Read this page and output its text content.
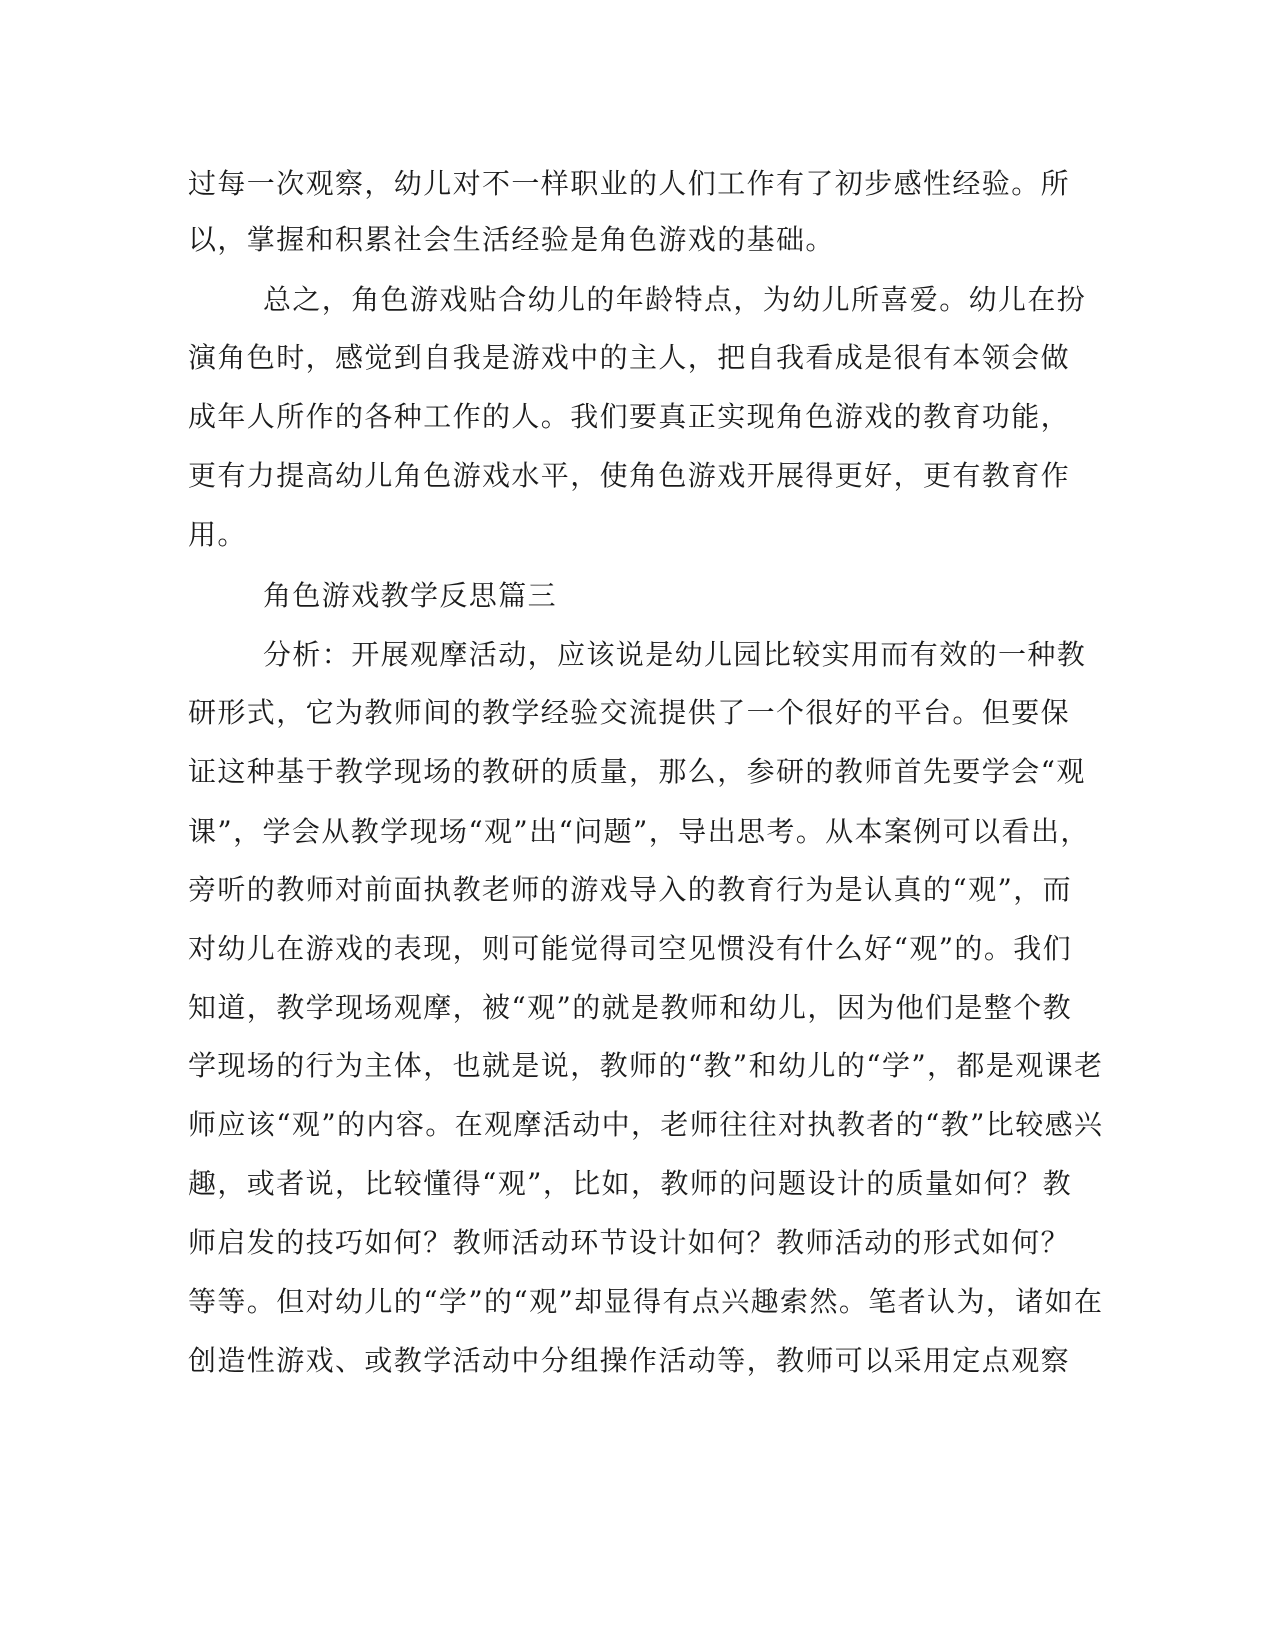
过每一次观察，幼儿对不一样职业的人们工作有了初步感性经验。所

以，掌握和积累社会生活经验是角色游戏的基础。

总之，角色游戏贴合幼儿的年龄特点，为幼儿所喜爱。幼儿在扮

演角色时，感觉到自我是游戏中的主人，把自我看成是很有本领会做

成年人所作的各种工作的人。我们要真正实现角色游戏的教育功能，

更有力提高幼儿角色游戏水平，使角色游戏开展得更好，更有教育作

用。

角色游戏教学反思篇三

分析：开展观摩活动，应该说是幼儿园比较实用而有效的一种教

研形式，它为教师间的教学经验交流提供了一个很好的平台。但要保

证这种基于教学现场的教研的质量，那么，参研的教师首先要学会“观

课”，学会从教学现场“观”出“问题”，导出思考。从本案例可以看出，

旁听的教师对前面执教老师的游戏导入的教育行为是认真的“观”，而

对幼儿在游戏的表现，则可能觉得司空见惯没有什么好“观”的。我们

知道，教学现场观摩，被“观”的就是教师和幼儿，因为他们是整个教

学现场的行为主体，也就是说，教师的“教”和幼儿的“学”，都是观课老

师应该“观”的内容。在观摩活动中，老师往往对执教者的“教”比较感兴

趣，或者说，比较懂得“观”，比如，教师的问题设计的质量如何？教

师启发的技巧如何？教师活动环节设计如何？教师活动的形式如何？

等等。但对幼儿的“学”的“观”却显得有点兴趣索然。笔者认为，诸如在

创造性游戏、或教学活动中分组操作活动等，教师可以采用定点观察
